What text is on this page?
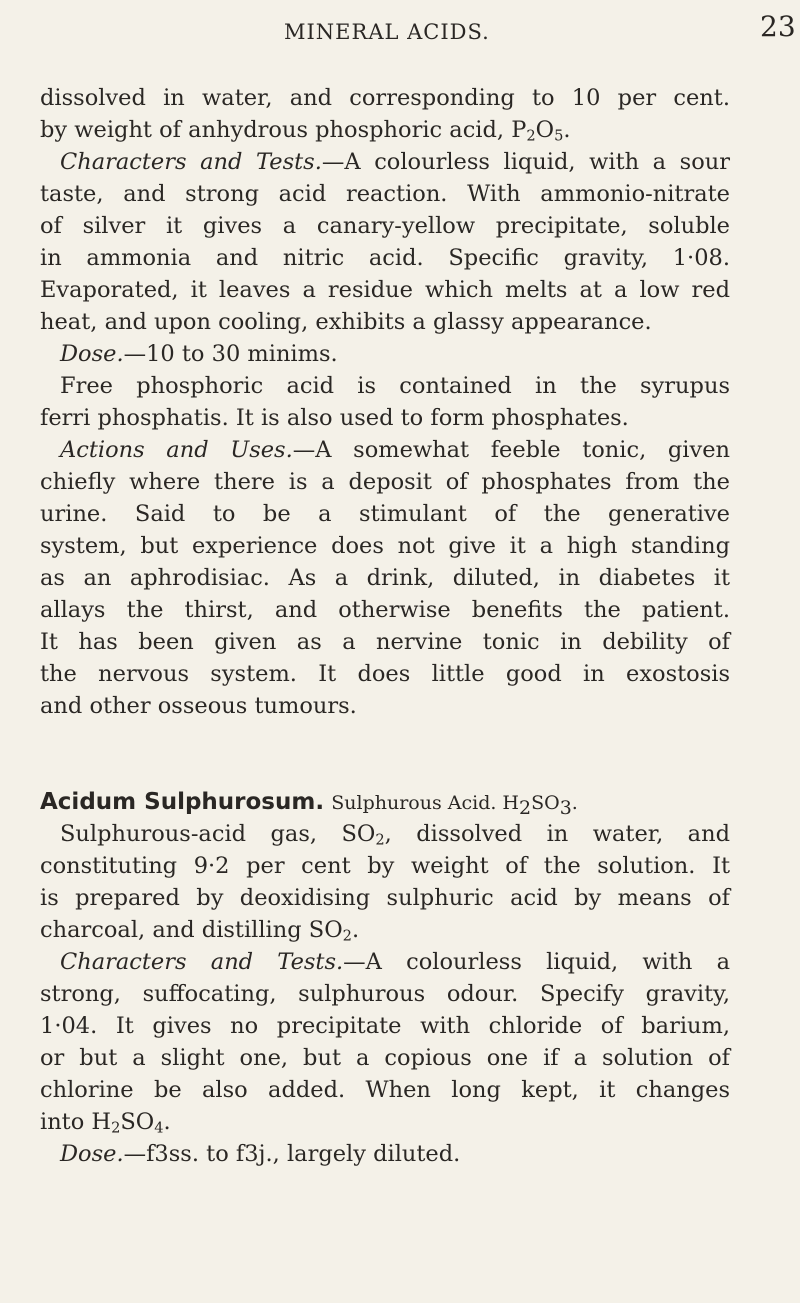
MINERAL ACIDS.	23
dissolved in water, and corresponding to 10 per cent.
by weight of anhydrous phosphoric acid, $P_2O_5$.
Characters and Tests.—A colourless liquid, with a sour
taste, and strong acid reaction. With ammonio-nitrate
of silver it gives a canary-yellow precipitate, soluble
in ammonia and nitric acid. Specific gravity, 1·08.
Evaporated, it leaves a residue which melts at a low red
heat, and upon cooling, exhibits a glassy appearance.
Dose.—10 to 30 minims.
Free phosphoric acid is contained in the syrupus
ferri phosphatis. It is also used to form phosphates.
Actions and Uses.—A somewhat feeble tonic, given
chiefly where there is a deposit of phosphates from the
urine. Said to be a stimulant of the generative
system, but experience does not give it a high standing
as an aphrodisiac. As a drink, diluted, in diabetes it
allays the thirst, and otherwise benefits the patient.
It has been given as a nervine tonic in debility of
the nervous system. It does little good in exostosis
and other osseous tumours.
Acidum Sulphurosum. Sulphurous Acid. $H_2SO_3$.
Sulphurous-acid gas, $SO_2$, dissolved in water, and
constituting 9·2 per cent by weight of the solution. It
is prepared by deoxidising sulphuric acid by means of
charcoal, and distilling $SO_2$.
Characters and Tests.—A colourless liquid, with a
strong, suffocating, sulphurous odour. Specify gravity,
1·04. It gives no precipitate with chloride of barium,
or but a slight one, but a copious one if a solution of
chlorine be also added. When long kept, it changes
into $H_2SO_4$.
Dose.—f3ss. to f3j., largely diluted.
